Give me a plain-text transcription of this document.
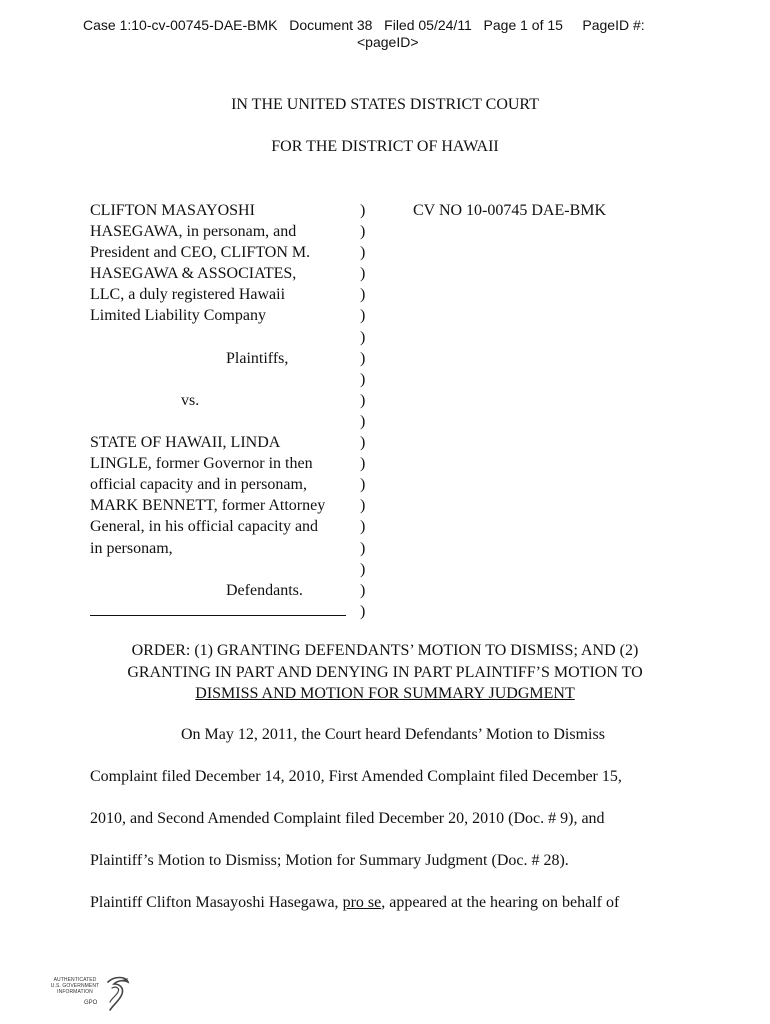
Case 1:10-cv-00745-DAE-BMK Document 38 Filed 05/24/11 Page 1 of 15 PageID #:
<pageID>
IN THE UNITED STATES DISTRICT COURT
FOR THE DISTRICT OF HAWAII
CLIFTON MASAYOSHI
HASEGAWA, in personam, and
President and CEO, CLIFTON M.
HASEGAWA & ASSOCIATES,
LLC, a duly registered Hawaii
Limited Liability Company
Plaintiffs,
vs.
STATE OF HAWAII, LINDA
LINGLE, former Governor in then
official capacity and in personam,
MARK BENNETT, former Attorney
General, in his official capacity and
in personam,
Defendants.
)
)
)
)
)
)
)
)
)
)
)
)
)
)
)
)
)
)
)
)
CV NO 10-00745 DAE-BMK
ORDER: (1) GRANTING DEFENDANTS’ MOTION TO DISMISS; AND (2)
GRANTING IN PART AND DENYING IN PART PLAINTIFF’S MOTION TO
DISMISS AND MOTION FOR SUMMARY JUDGMENT
On May 12, 2011, the Court heard Defendants’ Motion to Dismiss
Complaint filed December 14, 2010, First Amended Complaint filed December 15,
2010, and Second Amended Complaint filed December 20, 2010 (Doc. # 9), and
Plaintiff’s Motion to Dismiss; Motion for Summary Judgment (Doc. # 28).
Plaintiff Clifton Masayoshi Hasegawa, pro se, appeared at the hearing on behalf of
AUTHENTICATED
U.S. GOVERNMENT
INFORMATION
GPO
